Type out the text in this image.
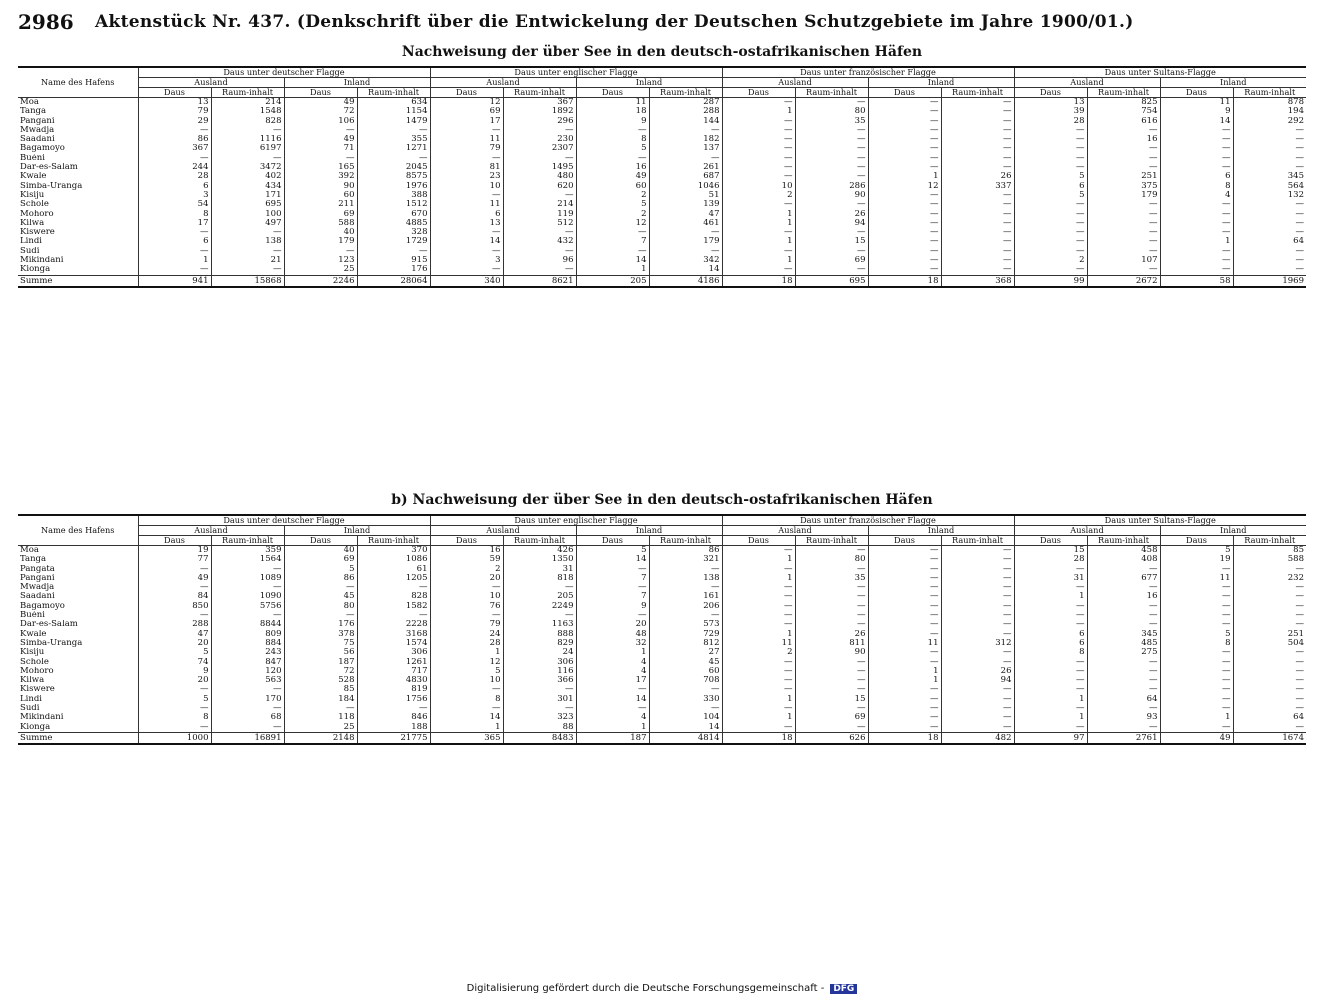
2986 Aktenstück Nr. 437. (Denkschrift über die Entwickelung der Deutschen Schutzgebiete im Jahre 1900/01.)
Nachweisung der über See in den deutsch-ostafrikanischen Häfen
Name des Hafens	Daus unter deutscher Flagge				Daus unter englischer Flagge				Daus unter französischer Flagge				Daus unter Sultans-Flagge			
	Ausland		Inland		Ausland		Inland		Ausland		Inland		Ausland		Inland	
	Daus	Raum-inhalt	Daus	Raum-inhalt	Daus	Raum-inhalt	Daus	Raum-inhalt	Daus	Raum-inhalt	Daus	Raum-inhalt	Daus	Raum-inhalt	Daus	Raum-inhalt
Moa	13	214	49	634	12	367	11	287	—	—	—	—	13	825	11	878
Tanga	79	1548	72	1154	69	1892	18	288	1	80	—	—	39	754	9	194
Pangani	29	828	106	1479	17	296	9	144	—	35	—	—	28	616	14	292
Mwadja	—	—	—	—	—	—	—	—	—	—	—	—	—	—	—	—
Saadani	86	1116	49	355	11	230	8	182	—	—	—	—	—	16	—	—
Bagamoyo	367	6197	71	1271	79	2307	5	137	—	—	—	—	—	—	—	—
Buéni	—	—	—	—	—	—	—	—	—	—	—	—	—	—	—	—
Dar-es-Salam	244	3472	165	2045	81	1495	16	261	—	—	—	—	—	—	—	—
Kwale	28	402	392	8575	23	480	49	687	—	—	1	26	5	251	6	345
Simba-Uranga	6	434	90	1976	10	620	60	1046	10	286	12	337	6	375	8	564
Kisiju	3	171	60	388	—	—	2	51	2	90	—	—	5	179	4	132
Schole	54	695	211	1512	11	214	5	139	—	—	—	—	—	—	—	—
Mohoro	8	100	69	670	6	119	2	47	1	26	—	—	—	—	—	—
Kilwa	17	497	588	4885	13	512	12	461	1	94	—	—	—	—	—	—
Kiswere	—	—	40	328	—	—	—	—	—	—	—	—	—	—	—	—
Lindi	6	138	179	1729	14	432	7	179	1	15	—	—	—	—	1	64
Sudi	—	—	—	—	—	—	—	—	—	—	—	—	—	—	—	—
Mikindani	1	21	123	915	3	96	14	342	1	69	—	—	2	107	—	—
Kionga	—	—	25	176	—	—	1	14	—	—	—	—	—	—	—	—
Summe	941	15868	2246	28064	340	8621	205	4186	18	695	18	368	99	2672	58	1969
b) Nachweisung der über See in den deutsch-ostafrikanischen Häfen
Name des Hafens	Daus unter deutscher Flagge				Daus unter englischer Flagge				Daus unter französischer Flagge				Daus unter Sultans-Flagge			
	Ausland		Inland		Ausland		Inland		Ausland		Inland		Ausland		Inland	
	Daus	Raum-inhalt	Daus	Raum-inhalt	Daus	Raum-inhalt	Daus	Raum-inhalt	Daus	Raum-inhalt	Daus	Raum-inhalt	Daus	Raum-inhalt	Daus	Raum-inhalt
Moa	19	359	40	370	16	426	5	86	—	—	—	—	15	458	5	85
Tanga	77	1564	69	1086	59	1350	14	321	1	80	—	—	28	408	19	588
Pangata	—	—	5	61	2	31	—	—	—	—	—	—	—	—	—	—
Pangani	49	1089	86	1205	20	818	7	138	1	35	—	—	31	677	11	232
Mwadja	—	—	—	—	—	—	—	—	—	—	—	—	—	—	—	—
Saadani	84	1090	45	828	10	205	7	161	—	—	—	—	1	16	—	—
Bagamoyo	850	5756	80	1582	76	2249	9	206	—	—	—	—	—	—	—	—
Buéni	—	—	—	—	—	—	—	—	—	—	—	—	—	—	—	—
Dar-es-Salam	288	8844	176	2228	79	1163	20	573	—	—	—	—	—	—	—	—
Kwale	47	809	378	3168	24	888	48	729	1	26	—	—	6	345	5	251
Simba-Uranga	20	884	75	1574	28	829	32	812	11	811	11	312	6	485	8	504
Kisiju	5	243	56	306	1	24	1	27	2	90	—	—	8	275	—	—
Schole	74	847	187	1261	12	306	4	45	—	—	—	—	—	—	—	—
Mohoro	9	120	72	717	5	116	4	60	—	—	1	26	—	—	—	—
Kilwa	20	563	528	4830	10	366	17	708	—	—	1	94	—	—	—	—
Kiswere	—	—	85	819	—	—	—	—	—	—	—	—	—	—	—	—
Lindi	5	170	184	1756	8	301	14	330	1	15	—	—	1	64	—	—
Sudi	—	—	—	—	—	—	—	—	—	—	—	—	—	—	—	—
Mikindani	8	68	118	846	14	323	4	104	1	69	—	—	1	93	1	64
Kionga	—	—	25	188	1	88	1	14	—	—	—	—	—	—	—	—
Summe	1000	16891	2148	21775	365	8483	187	4814	18	626	18	482	97	2761	49	1674
Digitalisierung gefördert durch die Deutsche Forschungsgemeinschaft - DFG
